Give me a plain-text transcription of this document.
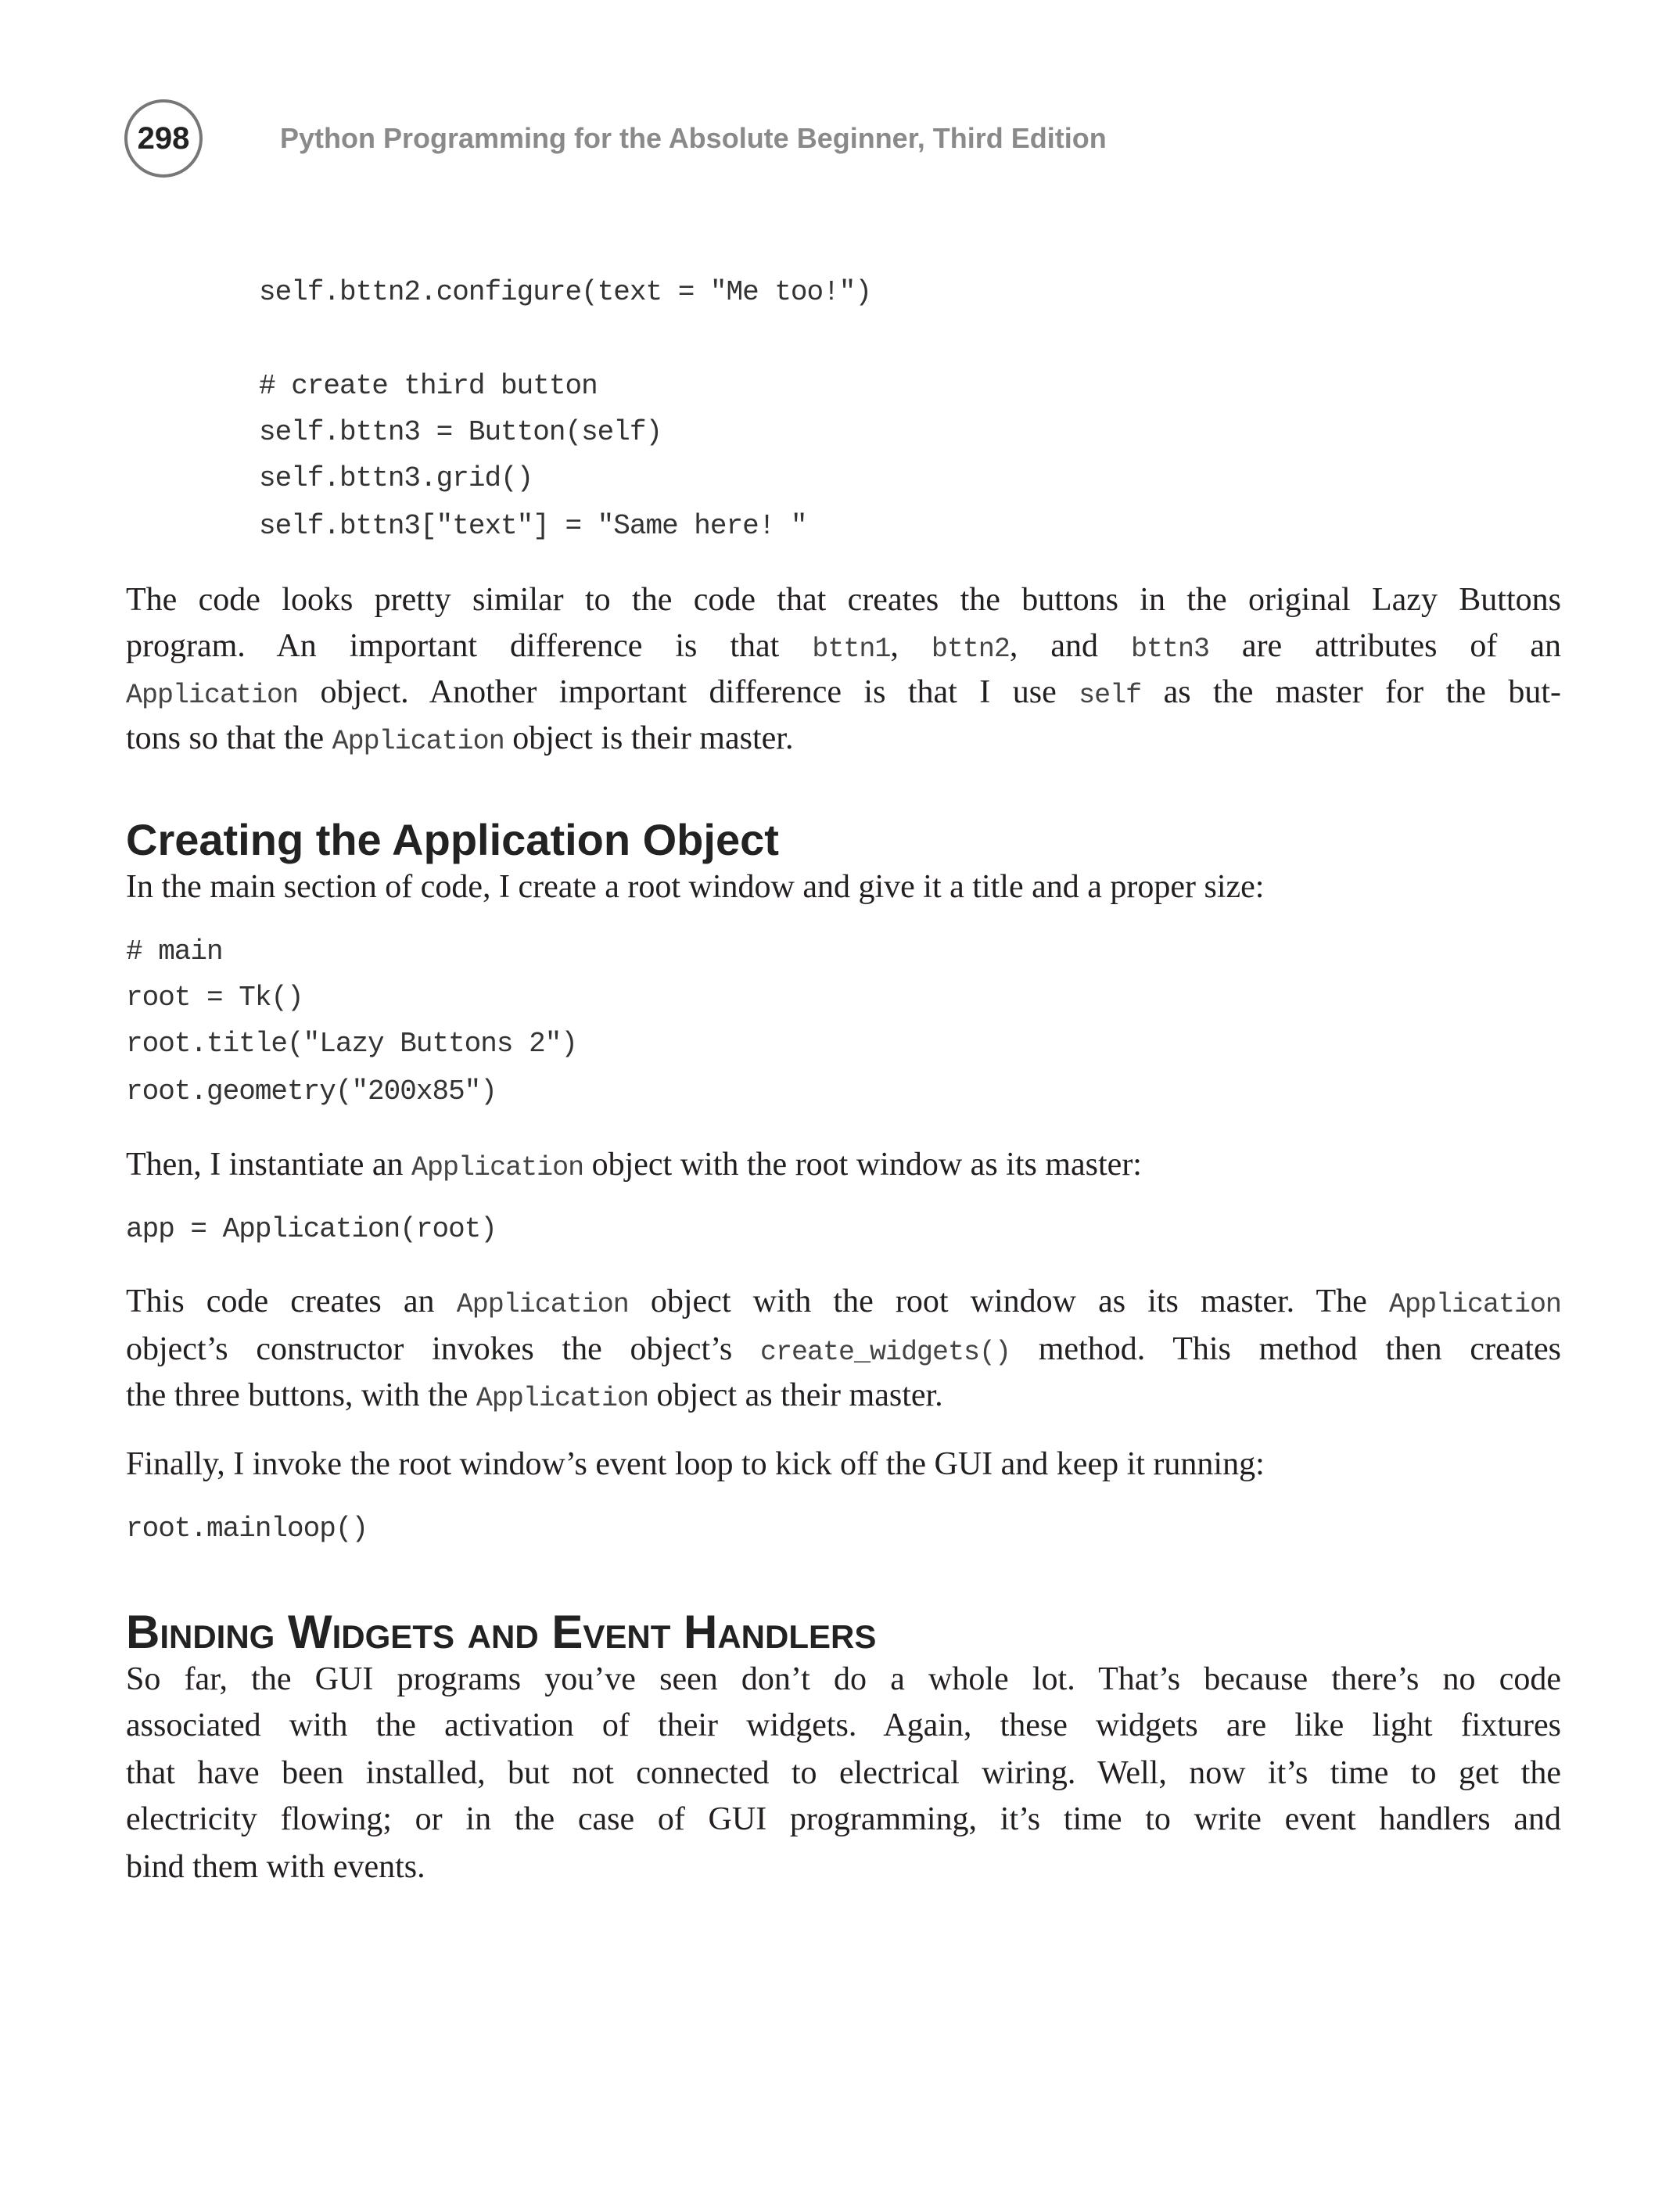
298	Python Programming for the Absolute Beginner, Third Edition
self.bttn2.configure(text = "Me too!")
# create third button
self.bttn3 = Button(self)
self.bttn3.grid()
self.bttn3["text"] = "Same here! "
The code looks pretty similar to the code that creates the buttons in the original Lazy Buttons
program. An important difference is that bttn1, bttn2, and bttn3 are attributes of an
Application object. Another important difference is that I use self as the master for the but-
tons so that the Application object is their master.
Creating the Application Object
In the main section of code, I create a root window and give it a title and a proper size:
# main
root = Tk()
root.title("Lazy Buttons 2")
root.geometry("200x85")
Then, I instantiate an Application object with the root window as its master:
app = Application(root)
This code creates an Application object with the root window as its master. The Application
object’s constructor invokes the object’s create_widgets() method. This method then creates
the three buttons, with the Application object as their master.
Finally, I invoke the root window’s event loop to kick off the GUI and keep it running:
root.mainloop()
Binding Widgets and Event Handlers
So far, the GUI programs you’ve seen don’t do a whole lot. That’s because there’s no code
associated with the activation of their widgets. Again, these widgets are like light fixtures
that have been installed, but not connected to electrical wiring. Well, now it’s time to get the
electricity flowing; or in the case of GUI programming, it’s time to write event handlers and
bind them with events.
